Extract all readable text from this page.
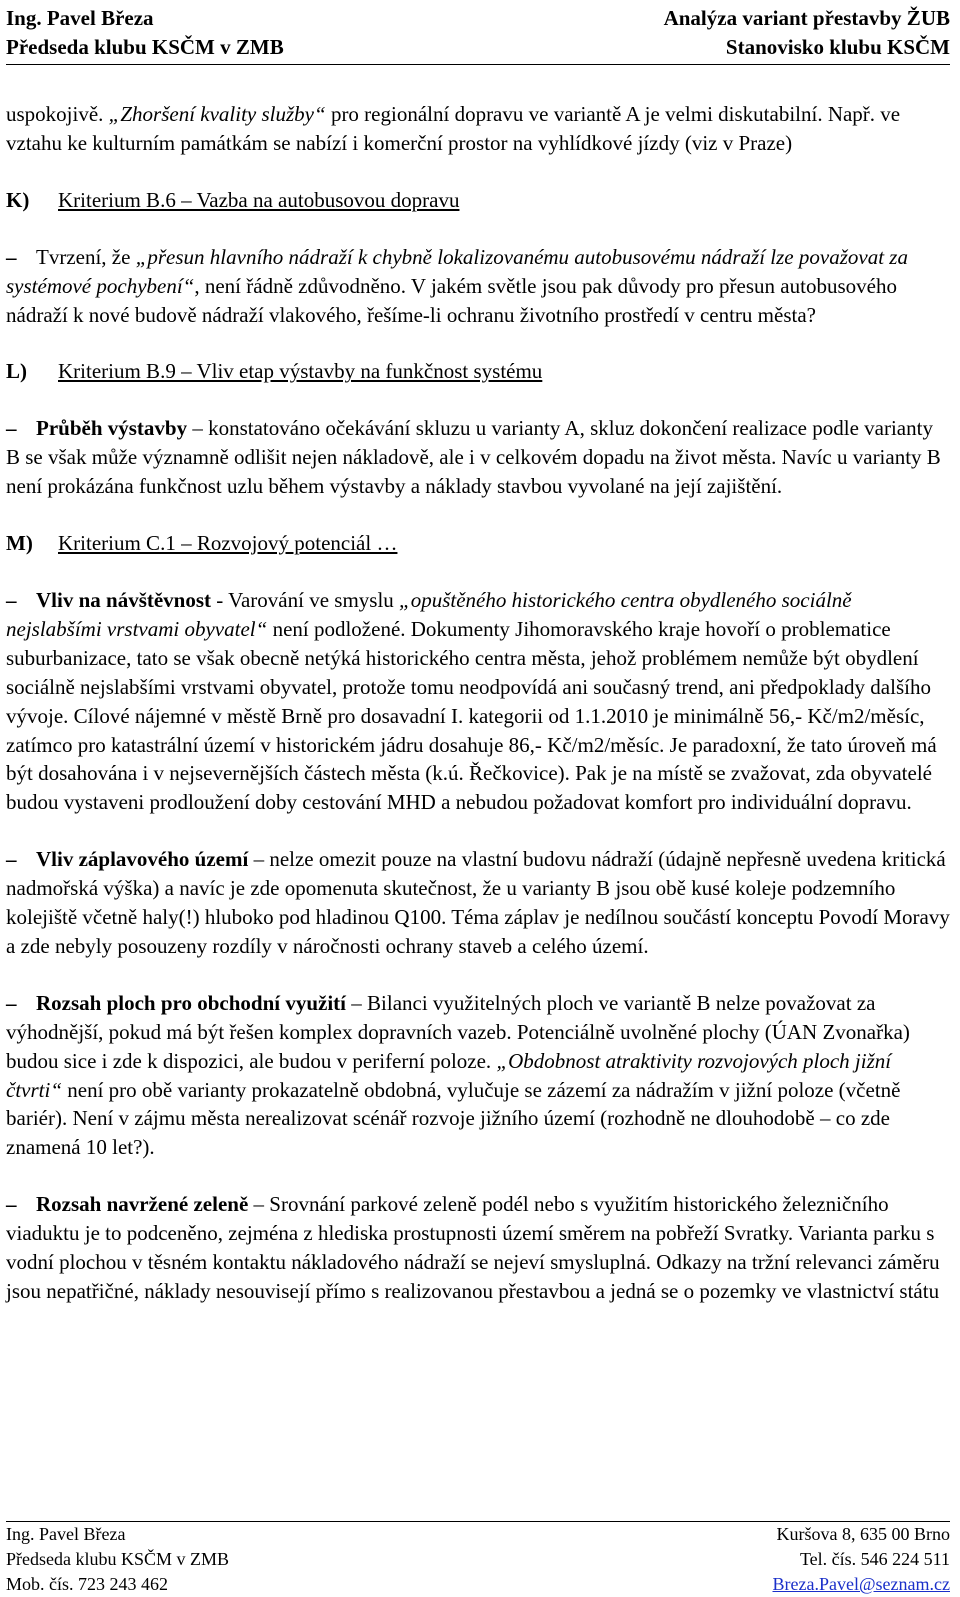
Ing. Pavel Březa
Předseda klubu KSČM v ZMB
Analýza variant přestavby ŽUB
Stanovisko klubu KSČM

uspokojivě. „Zhoršení kvality služby“ pro regionální dopravu ve variantě A je velmi diskutabilní. Např. ve vztahu ke kulturním památkám se nabízí i komerční prostor na vyhlídkové jízdy (viz v Praze)

K) Kriterium B.6 – Vazba na autobusovou dopravu

– Tvrzení, že „přesun hlavního nádraží k chybně lokalizovanému autobusovému nádraží lze považovat za systémové pochybení“, není řádně zdůvodněno. V jakém světle jsou pak důvody pro přesun autobusového nádraží k nové budově nádraží vlakového, řešíme-li ochranu životního prostředí v centru města?

L) Kriterium B.9 – Vliv etap výstavby na funkčnost systému

– Průběh výstavby – konstatováno očekávání skluzu u varianty A, skluz dokončení realizace podle varianty B se však může významně odlišit nejen nákladově, ale i v celkovém dopadu na život města. Navíc u varianty B není prokázána funkčnost uzlu během výstavby a náklady stavbou vyvolané na její zajištění.

M) Kriterium C.1 – Rozvojový potenciál …

– Vliv na návštěvnost - Varování ve smyslu „opuštěného historického centra obydleného sociálně nejslabšími vrstvami obyvatel“ není podložené. Dokumenty Jihomoravského kraje hovoří o problematice suburbanizace, tato se však obecně netýká historického centra města, jehož problémem nemůže být obydlení sociálně nejslabšími vrstvami obyvatel, protože tomu neodpovídá ani současný trend, ani předpoklady dalšího vývoje. Cílové nájemné v městě Brně pro dosavadní I. kategorii od 1.1.2010 je minimálně 56,- Kč/m2/měsíc, zatímco pro katastrální území v historickém jádru dosahuje 86,- Kč/m2/měsíc. Je paradoxní, že tato úroveň má být dosahována i v nejsevernějších částech města (k.ú. Řečkovice). Pak je na místě se zvažovat, zda obyvatelé budou vystaveni prodloužení doby cestování MHD a nebudou požadovat komfort pro individuální dopravu.

– Vliv záplavového území – nelze omezit pouze na vlastní budovu nádraží (údajně nepřesně uvedena kritická nadmořská výška) a navíc je zde opomenuta skutečnost, že u varianty B jsou obě kusé koleje podzemního kolejiště včetně haly(!) hluboko pod hladinou Q100. Téma záplav je nedílnou součástí konceptu Povodí Moravy a zde nebyly posouzeny rozdíly v náročnosti ochrany staveb a celého území.

– Rozsah ploch pro obchodní využití – Bilanci využitelných ploch ve variantě B nelze považovat za výhodnější, pokud má být řešen komplex dopravních vazeb. Potenciálně uvolněné plochy (ÚAN Zvonařka) budou sice i zde k dispozici, ale budou v periferní poloze. „Obdobnost atraktivity rozvojových ploch jižní čtvrti“ není pro obě varianty prokazatelně obdobná, vylučuje se zázemí za nádražím v jižní poloze (včetně bariér). Není v zájmu města nerealizovat scénář rozvoje jižního území (rozhodně ne dlouhodobě – co zde znamená 10 let?).

– Rozsah navržené zeleně – Srovnání parkové zeleně podél nebo s využitím historického železničního viaduktu je to podceněno, zejména z hlediska prostupnosti území směrem na pobřeží Svratky. Varianta parku s vodní plochou v těsném kontaktu nákladového nádraží se nejeví smysluplná. Odkazy na tržní relevanci záměru jsou nepatřičné, náklady nesouvisejí přímo s realizovanou přestavbou a jedná se o pozemky ve vlastnictví státu

Ing. Pavel Březa	Kuršova 8, 635 00 Brno
Předseda klubu KSČM v ZMB	Tel. čís. 546 224 511
Mob. čís. 723 243 462	Breza.Pavel@seznam.cz
